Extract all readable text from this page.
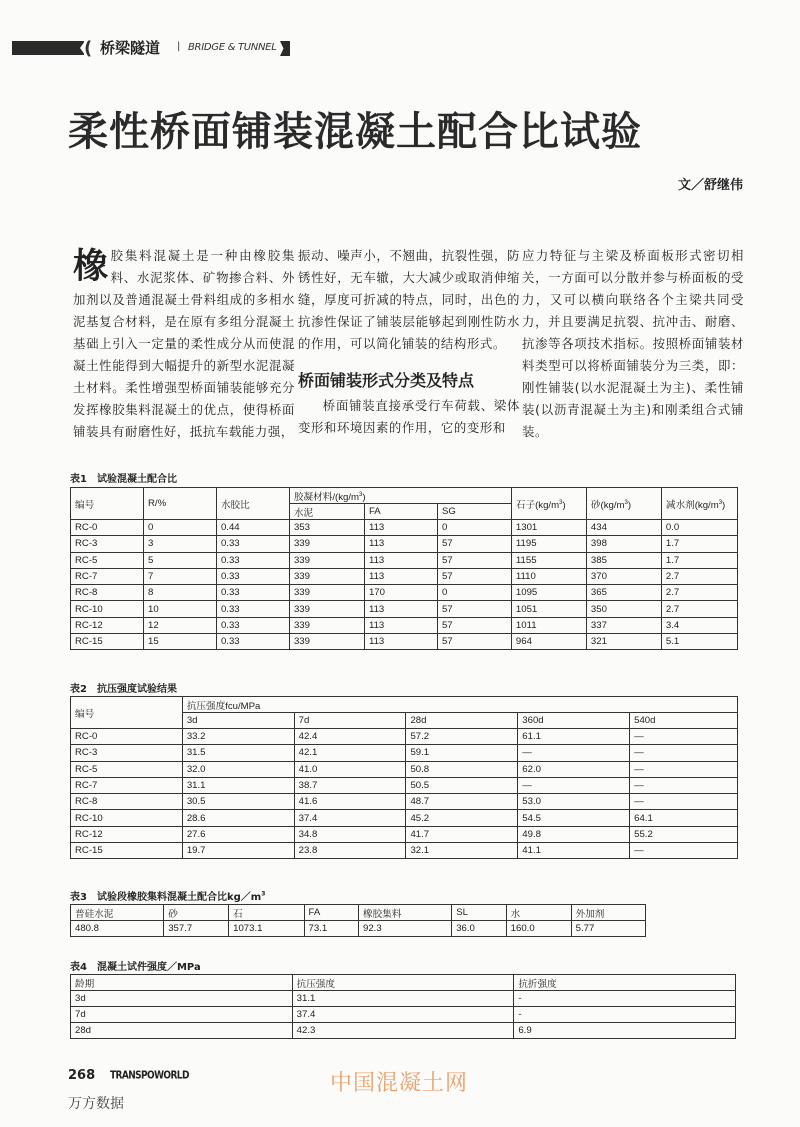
( 桥梁隧道 | BRIDGE & TUNNEL
柔性桥面铺装混凝土配合比试验
文／舒继伟
橡胶集料混凝土是一种由橡胶集料、水泥浆体、矿物掺合料、外加剂以及普通混凝土骨料组成的多相水泥基复合材料，是在原有多组分混凝土基础上引入一定量的柔性成分从而使混凝土性能得到大幅提升的新型水泥混凝土材料。柔性增强型桥面铺装能够充分发挥橡胶集料混凝土的优点，使得桥面铺装具有耐磨性好，抵抗车载能力强，
振动、噪声小，不翘曲，抗裂性强，防锈性好，无车辙，大大减少或取消伸缩缝，厚度可折减的特点，同时，出色的抗渗性保证了铺装层能够起到刚性防水的作用，可以简化铺装的结构形式。
桥面铺装形式分类及特点
桥面铺装直接承受行车荷载、梁体变形和环境因素的作用，它的变形和
应力特征与主梁及桥面板形式密切相关，一方面可以分散并参与桥面板的受力，又可以横向联络各个主梁共同受力，并且要满足抗裂、抗冲击、耐磨、抗渗等各项技术指标。按照桥面铺装材料类型可以将桥面铺装分为三类，即：刚性铺装(以水泥混凝土为主)、柔性铺装(以沥青混凝土为主)和刚柔组合式铺装。
表1　试验混凝土配合比
编号	R/%	水胶比	胶凝材料$/(kg/m^3)$			石子$(kg/m^3)$	砂$(kg/m^3)$	减水剂$(kg/m^3)$
			水泥	FA	SG			
RC-0	0	0.44	353	113	0	1301	434	0.0
RC-3	3	0.33	339	113	57	1195	398	1.7
RC-5	5	0.33	339	113	57	1155	385	1.7
RC-7	7	0.33	339	113	57	1110	370	2.7
RC-8	8	0.33	339	170	0	1095	365	2.7
RC-10	10	0.33	339	113	57	1051	350	2.7
RC-12	12	0.33	339	113	57	1011	337	3.4
RC-15	15	0.33	339	113	57	964	321	5.1
表2　抗压强度试验结果
编号	抗压强度fcu/MPa				
	3d	7d	28d	360d	540d
RC-0	33.2	42.4	57.2	61.1	—
RC-3	31.5	42.1	59.1	—	—
RC-5	32.0	41.0	50.8	62.0	—
RC-7	31.1	38.7	50.5	—	—
RC-8	30.5	41.6	48.7	53.0	—
RC-10	28.6	37.4	45.2	54.5	64.1
RC-12	27.6	34.8	41.7	49.8	55.2
RC-15	19.7	23.8	32.1	41.1	—
表3　试验段橡胶集料混凝土配合比$kg/m^3$
普硅水泥	砂	石	FA	橡胶集料	SL	水	外加剂
480.8	357.7	1073.1	73.1	92.3	36.0	160.0	5.77
表4　混凝土试件强度／MPa
龄期	抗压强度	抗折强度
3d	31.1	-
7d	37.4	-
28d	42.3	6.9
268 TRANSPOWORLD
万方数据
中国混凝土网
